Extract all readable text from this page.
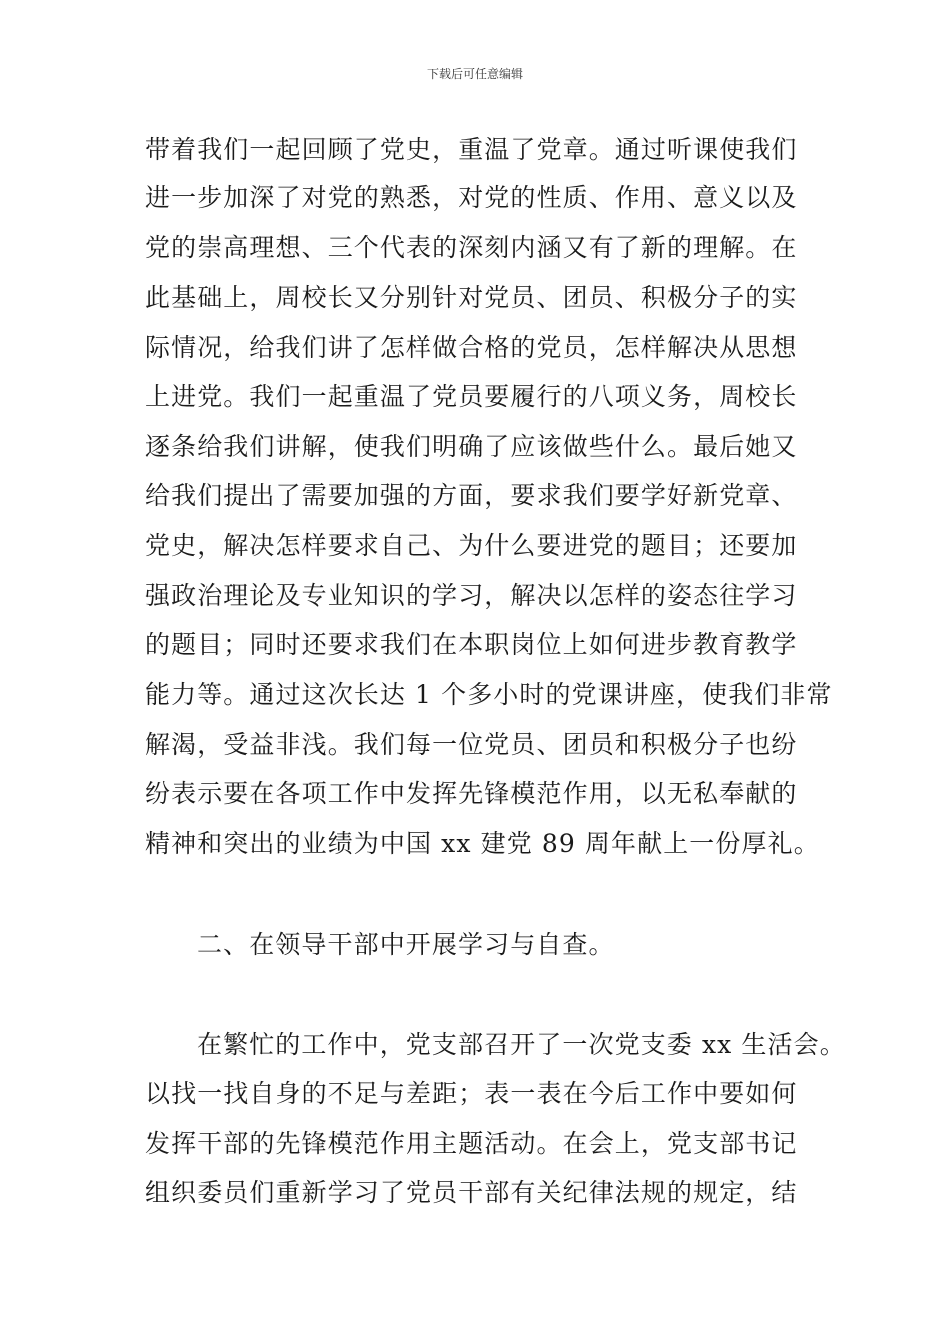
下载后可任意编辑
带着我们一起回顾了党史，重温了党章。通过听课使我们
进一步加深了对党的熟悉，对党的性质、作用、意义以及
党的崇高理想、三个代表的深刻内涵又有了新的理解。在
此基础上，周校长又分别针对党员、团员、积极分子的实
际情况，给我们讲了怎样做合格的党员，怎样解决从思想
上进党。我们一起重温了党员要履行的八项义务，周校长
逐条给我们讲解，使我们明确了应该做些什么。最后她又
给我们提出了需要加强的方面，要求我们要学好新党章、
党史，解决怎样要求自己、为什么要进党的题目；还要加
强政治理论及专业知识的学习，解决以怎样的姿态往学习
的题目；同时还要求我们在本职岗位上如何进步教育教学
能力等。通过这次长达 1 个多小时的党课讲座，使我们非常
解渴，受益非浅。我们每一位党员、团员和积极分子也纷
纷表示要在各项工作中发挥先锋模范作用，以无私奉献的
精神和突出的业绩为中国 xx 建党 89 周年献上一份厚礼。
二、在领导干部中开展学习与自查。
在繁忙的工作中，党支部召开了一次党支委 xx 生活会。
以找一找自身的不足与差距；表一表在今后工作中要如何
发挥干部的先锋模范作用主题活动。在会上，党支部书记
组织委员们重新学习了党员干部有关纪律法规的规定，结
